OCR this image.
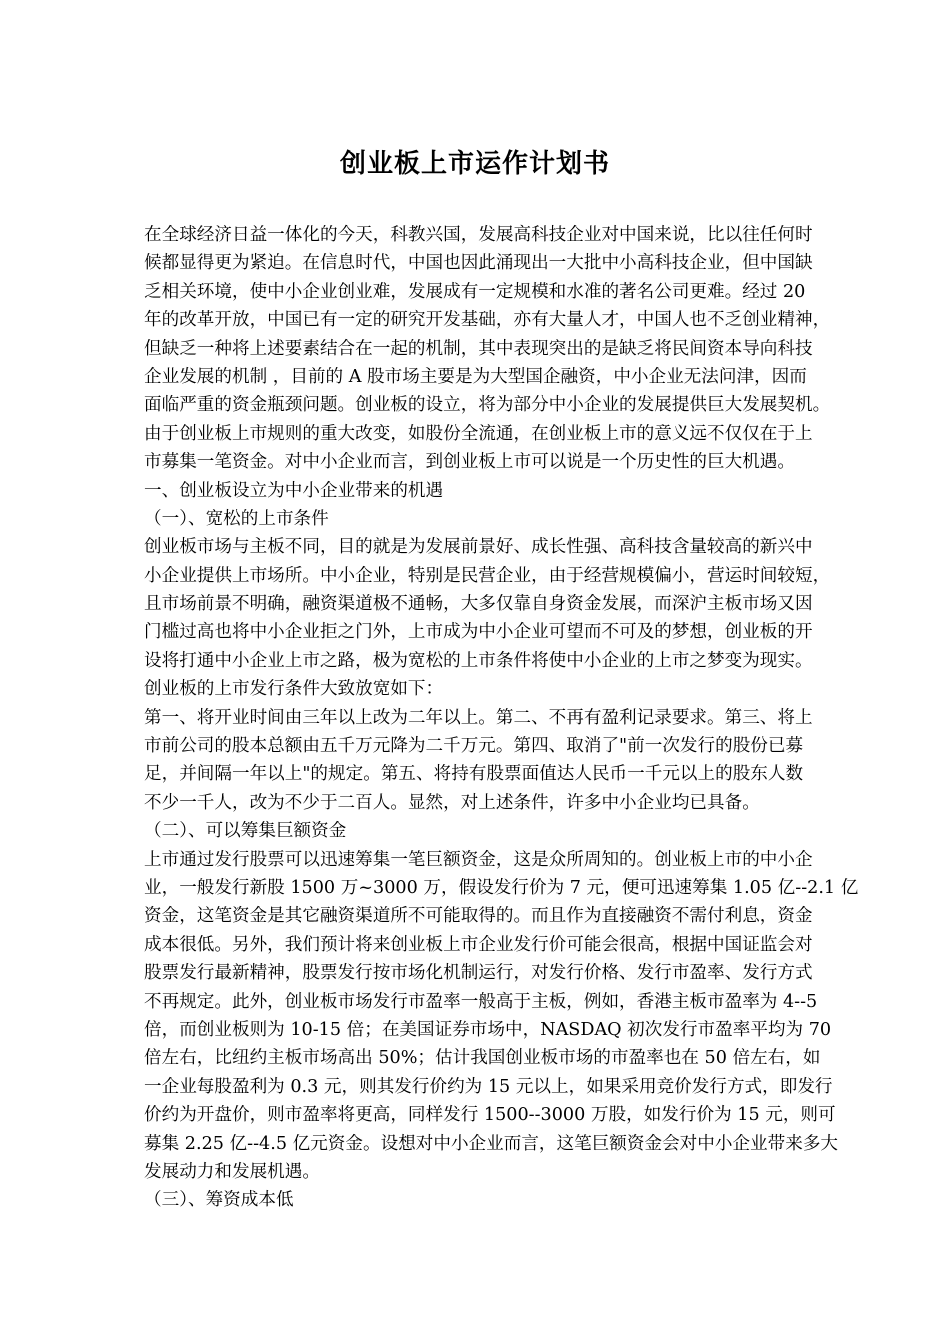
创业板上市运作计划书
在全球经济日益一体化的今天，科教兴国，发展高科技企业对中国来说，比以往任何时
候都显得更为紧迫。在信息时代，中国也因此涌现出一大批中小高科技企业，但中国缺
乏相关环境，使中小企业创业难，发展成有一定规模和水准的著名公司更难。经过 20
年的改革开放，中国已有一定的研究开发基础，亦有大量人才，中国人也不乏创业精神，
但缺乏一种将上述要素结合在一起的机制，其中表现突出的是缺乏将民间资本导向科技
企业发展的机制 ，目前的 A 股市场主要是为大型国企融资，中小企业无法问津，因而
面临严重的资金瓶颈问题。创业板的设立，将为部分中小企业的发展提供巨大发展契机。
由于创业板上市规则的重大改变，如股份全流通，在创业板上市的意义远不仅仅在于上
市募集一笔资金。对中小企业而言，到创业板上市可以说是一个历史性的巨大机遇。
一、创业板设立为中小企业带来的机遇
（一）、宽松的上市条件
创业板市场与主板不同，目的就是为发展前景好、成长性强、高科技含量较高的新兴中
小企业提供上市场所。中小企业，特别是民营企业，由于经营规模偏小，营运时间较短，
且市场前景不明确，融资渠道极不通畅，大多仅靠自身资金发展，而深沪主板市场又因
门槛过高也将中小企业拒之门外，上市成为中小企业可望而不可及的梦想，创业板的开
设将打通中小企业上市之路，极为宽松的上市条件将使中小企业的上市之梦变为现实。
创业板的上市发行条件大致放宽如下：
第一、将开业时间由三年以上改为二年以上。第二、不再有盈利记录要求。第三、将上
市前公司的股本总额由五千万元降为二千万元。第四、取消了"前一次发行的股份已募
足，并间隔一年以上"的规定。第五、将持有股票面值达人民币一千元以上的股东人数
不少一千人，改为不少于二百人。显然，对上述条件，许多中小企业均已具备。
（二）、可以筹集巨额资金
上市通过发行股票可以迅速筹集一笔巨额资金，这是众所周知的。创业板上市的中小企
业，一般发行新股 1500 万~3000 万，假设发行价为 7 元，便可迅速筹集 1.05 亿--2.1 亿
资金，这笔资金是其它融资渠道所不可能取得的。而且作为直接融资不需付利息，资金
成本很低。另外，我们预计将来创业板上市企业发行价可能会很高，根据中国证监会对
股票发行最新精神，股票发行按市场化机制运行，对发行价格、发行市盈率、发行方式
不再规定。此外，创业板市场发行市盈率一般高于主板，例如，香港主板市盈率为 4--5
倍，而创业板则为 10-15 倍；在美国证券市场中，NASDAQ 初次发行市盈率平均为 70
倍左右，比纽约主板市场高出 50%；估计我国创业板市场的市盈率也在 50 倍左右，如
一企业每股盈利为 0.3 元，则其发行价约为 15 元以上，如果采用竞价发行方式，即发行
价约为开盘价，则市盈率将更高，同样发行 1500--3000 万股，如发行价为 15 元，则可
募集 2.25 亿--4.5 亿元资金。设想对中小企业而言，这笔巨额资金会对中小企业带来多大
发展动力和发展机遇。
（三）、筹资成本低
